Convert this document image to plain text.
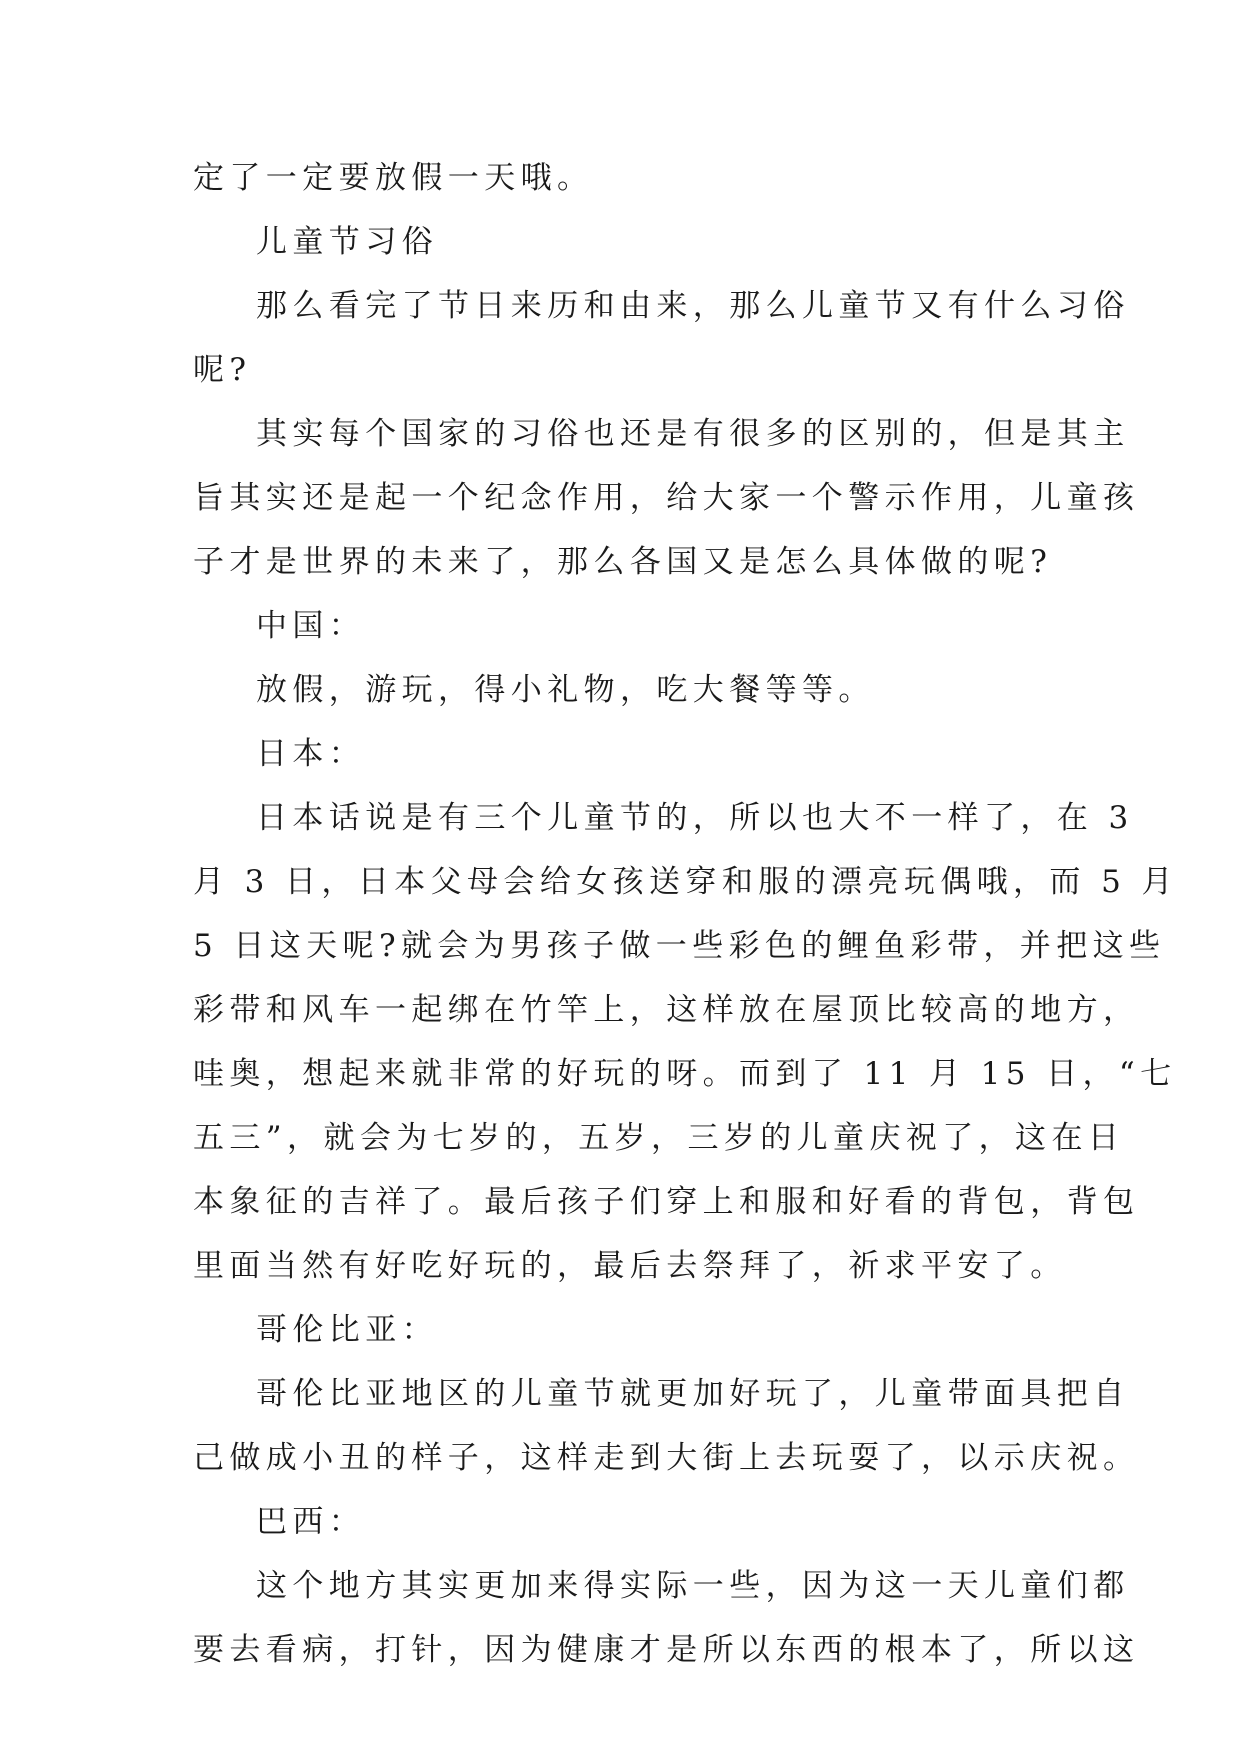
定了一定要放假一天哦。

儿童节习俗

那么看完了节日来历和由来，那么儿童节又有什么习俗

呢?

其实每个国家的习俗也还是有很多的区别的，但是其主

旨其实还是起一个纪念作用，给大家一个警示作用，儿童孩

子才是世界的未来了，那么各国又是怎么具体做的呢?

中国：

放假，游玩，得小礼物，吃大餐等等。

日本：

日本话说是有三个儿童节的，所以也大不一样了，在 3

月 3 日，日本父母会给女孩送穿和服的漂亮玩偶哦，而 5 月

5 日这天呢?就会为男孩子做一些彩色的鲤鱼彩带，并把这些

彩带和风车一起绑在竹竿上，这样放在屋顶比较高的地方，

哇奥，想起来就非常的好玩的呀。而到了 11 月 15 日，“七

五三”，就会为七岁的，五岁，三岁的儿童庆祝了，这在日

本象征的吉祥了。最后孩子们穿上和服和好看的背包，背包

里面当然有好吃好玩的，最后去祭拜了，祈求平安了。

哥伦比亚：

哥伦比亚地区的儿童节就更加好玩了，儿童带面具把自

己做成小丑的样子，这样走到大街上去玩耍了，以示庆祝。

巴西：

这个地方其实更加来得实际一些，因为这一天儿童们都

要去看病，打针，因为健康才是所以东西的根本了，所以这
